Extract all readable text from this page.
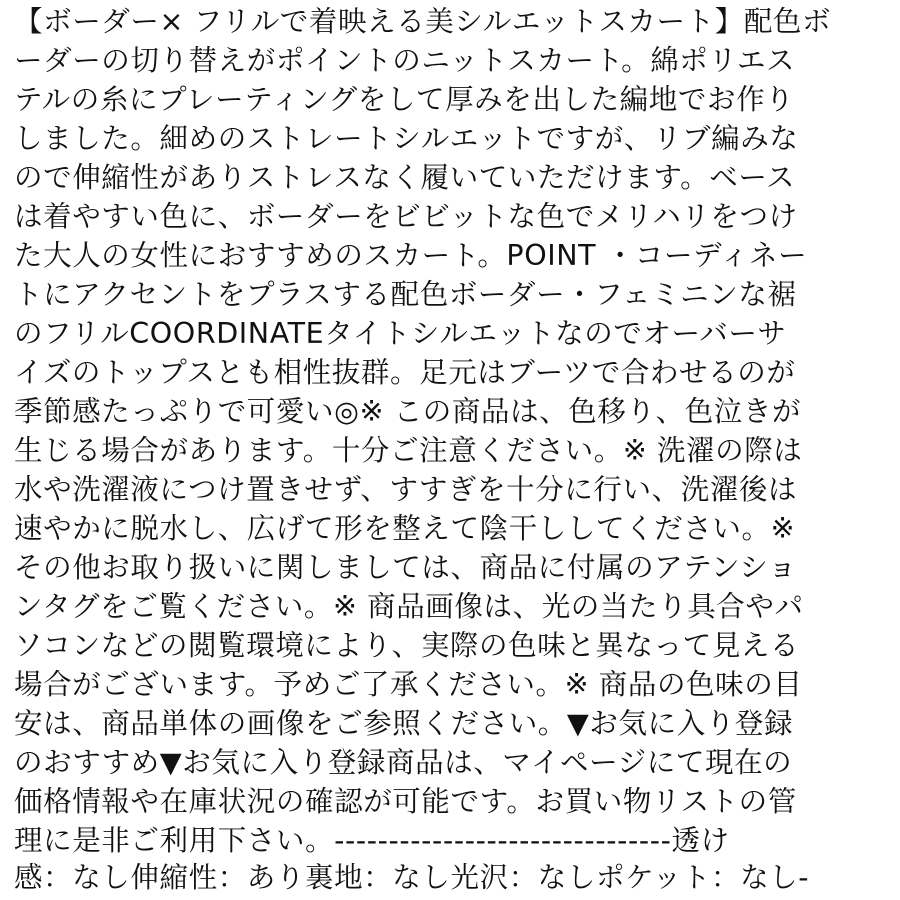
【ボーダー× フリルで着映える美シルエットスカート】配色ボ
ーダーの切り替えがポイントのニットスカート。綿ポリエス
テルの糸にプレーティングをして厚みを出した編地でお作り
しました。細めのストレートシルエットですが、リブ編みな
ので伸縮性がありストレスなく履いていただけます。ベース
は着やすい色に、ボーダーをビビットな色でメリハリをつけ
た大人の女性におすすめのスカート。POINT ・コーディネー
トにアクセントをプラスする配色ボーダー・フェミニンな裾
のフリルCOORDINATEタイトシルエットなのでオーバーサ
イズのトップスとも相性抜群。足元はブーツで合わせるのが
季節感たっぷりで可愛い◎※ この商品は、色移り、色泣きが
生じる場合があります。十分ご注意ください。※ 洗濯の際は
水や洗濯液につけ置きせず、すすぎを十分に行い、洗濯後は
速やかに脱水し、広げて形を整えて陰干ししてください。※
その他お取り扱いに関しましては、商品に付属のアテンショ
ンタグをご覧ください。※ 商品画像は、光の当たり具合やパ
ソコンなどの閲覧環境により、実際の色味と異なって見える
場合がございます。予めご了承ください。※ 商品の色味の目
安は、商品単体の画像をご参照ください。▼お気に入り登録
のおすすめ▼お気に入り登録商品は、マイページにて現在の
価格情報や在庫状況の確認が可能です。お買い物リストの管
理に是非ご利用下さい。-------------------------------透け
感：なし伸縮性：あり裏地：なし光沢：なしポケット：なし-
